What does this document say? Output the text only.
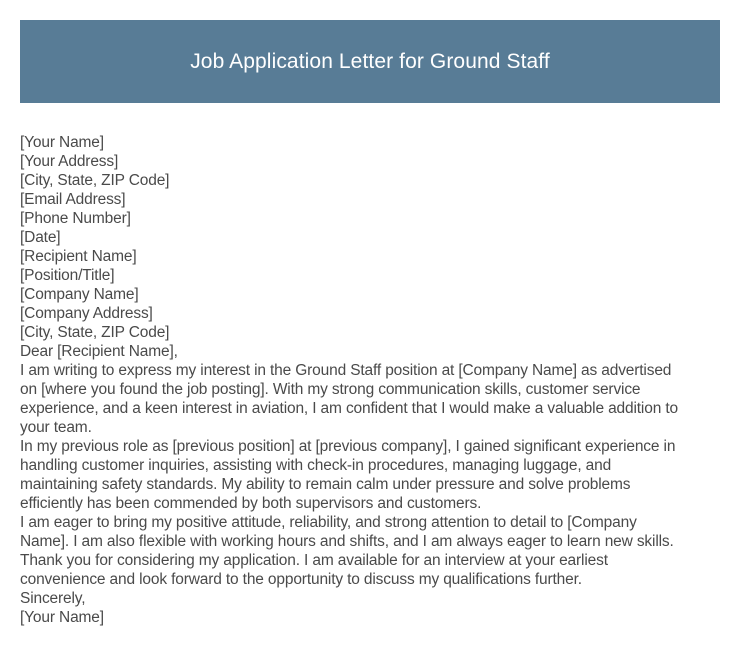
Job Application Letter for Ground Staff
[Your Name]
[Your Address]
[City, State, ZIP Code]
[Email Address]
[Phone Number]
[Date]
[Recipient Name]
[Position/Title]
[Company Name]
[Company Address]
[City, State, ZIP Code]
Dear [Recipient Name],
I am writing to express my interest in the Ground Staff position at [Company Name] as advertised
on [where you found the job posting]. With my strong communication skills, customer service
experience, and a keen interest in aviation, I am confident that I would make a valuable addition to
your team.
In my previous role as [previous position] at [previous company], I gained significant experience in
handling customer inquiries, assisting with check-in procedures, managing luggage, and
maintaining safety standards. My ability to remain calm under pressure and solve problems
efficiently has been commended by both supervisors and customers.
I am eager to bring my positive attitude, reliability, and strong attention to detail to [Company
Name]. I am also flexible with working hours and shifts, and I am always eager to learn new skills.
Thank you for considering my application. I am available for an interview at your earliest
convenience and look forward to the opportunity to discuss my qualifications further.
Sincerely,
[Your Name]
